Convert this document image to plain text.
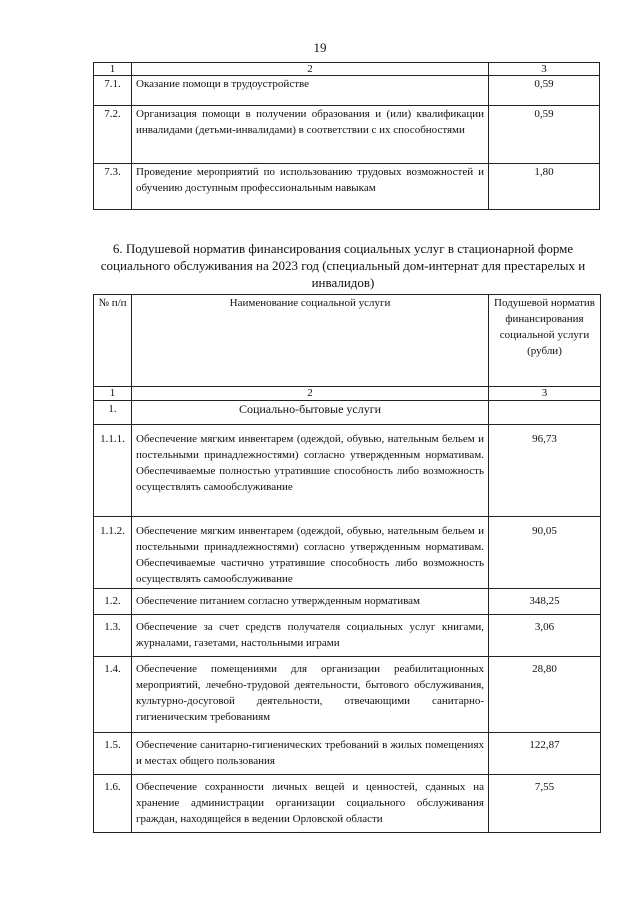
19
1	2	3
7.1.	Оказание помощи в трудоустройстве	0,59
7.2.	Организация помощи в получении образования и (или) квалификации инвалидами (детьми-инвалидами) в соответствии с их способностями	0,59
7.3.	Проведение мероприятий по использованию трудовых возможностей и обучению доступным профессиональным навыкам	1,80
6. Подушевой норматив финансирования социальных услуг в стационарной форме социального обслуживания на 2023 год (специальный дом-интернат для престарелых и инвалидов)
№ п/п	Наименование социальной услуги	Подушевой норматив финансирования социальной услуги (рубли)
1	2	3
1.	Социально-бытовые услуги	
1.1.1.	Обеспечение мягким инвентарем (одеждой, обувью, нательным бельем и постельными принадлежностями) согласно утвержденным нормативам. Обеспечиваемые полностью утратившие способность либо возможность осуществлять самообслуживание	96,73
1.1.2.	Обеспечение мягким инвентарем (одеждой, обувью, нательным бельем и постельными принадлежностями) согласно утвержденным нормативам. Обеспечиваемые частично утратившие способность либо возможность осуществлять самообслуживание	90,05
1.2.	Обеспечение питанием согласно утвержденным нормативам	348,25
1.3.	Обеспечение за счет средств получателя социальных услуг книгами, журналами, газетами, настольными играми	3,06
1.4.	Обеспечение помещениями для организации реабилитационных мероприятий, лечебно-трудовой деятельности, бытового обслуживания, культурно-досуговой деятельности, отвечающими санитарно-гигиеническим требованиям	28,80
1.5.	Обеспечение санитарно-гигиенических требований в жилых помещениях и местах общего пользования	122,87
1.6.	Обеспечение сохранности личных вещей и ценностей, сданных на хранение администрации организации социального обслуживания граждан, находящейся в ведении Орловской области	7,55
